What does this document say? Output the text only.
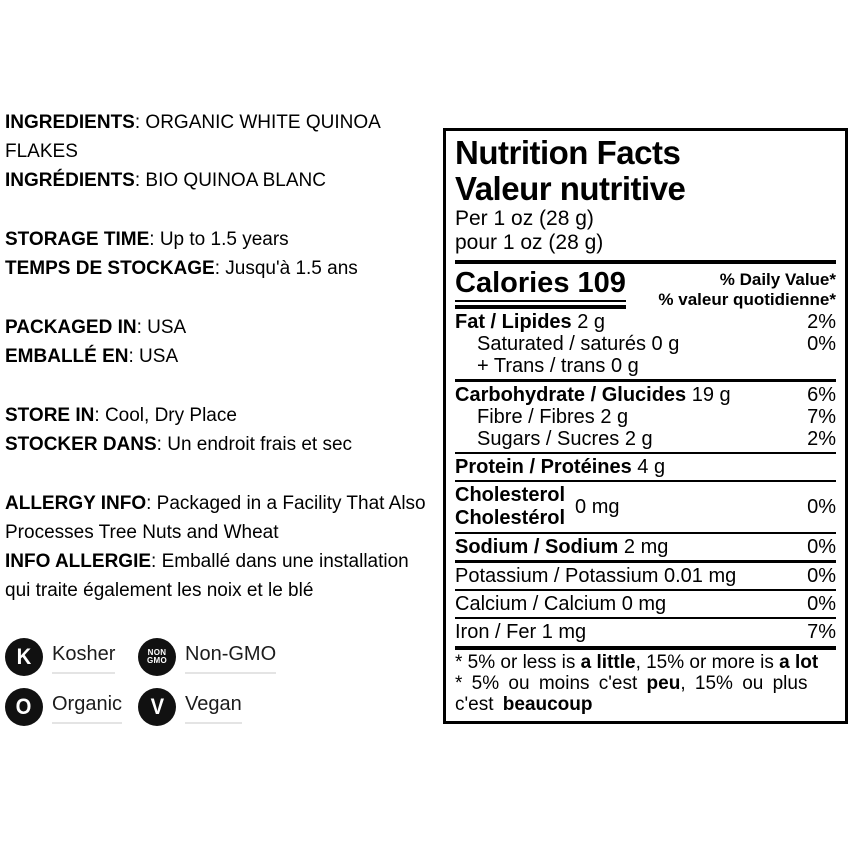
INGREDIENTS: ORGANIC WHITE QUINOA FLAKES

INGRÉDIENTS: BIO QUINOA BLANC

STORAGE TIME: Up to 1.5 years

TEMPS DE STOCKAGE: Jusqu'à 1.5 ans

PACKAGED IN: USA

EMBALLÉ EN: USA

STORE IN: Cool, Dry Place

STOCKER DANS: Un endroit frais et sec

ALLERGY INFO: Packaged in a Facility That Also Processes Tree Nuts and Wheat

INFO ALLERGIE: Emballé dans une installation qui traite également les noix et le blé

K Kosher	NON
GMO Non-GMO
O Organic V Vegan
Nutrition Facts
Valeur nutritive
Per 1 oz (28 g)
pour 1 oz (28 g)
Calories 109	% Daily Value*
% valeur quotidienne*
Fat / Lipides 2 g	2%
Saturated / saturés 0 g	0%
+ Trans / trans 0 g
Carbohydrate / Glucides 19 g	6%
Fibre / Fibres 2 g	7%
Sugars / Sucres 2 g	2%
Protein / Protéines 4 g
Cholesterol
Cholestérol
0 mg	0%
Sodium / Sodium 2 mg	0%
Potassium / Potassium 0.01 mg	0%
Calcium / Calcium 0 mg	0%
Iron / Fer 1 mg	7%
* 5% or less is a little, 15% or more is a lot
* 5% ou moins c'est peu, 15% ou plus c'est beaucoup
